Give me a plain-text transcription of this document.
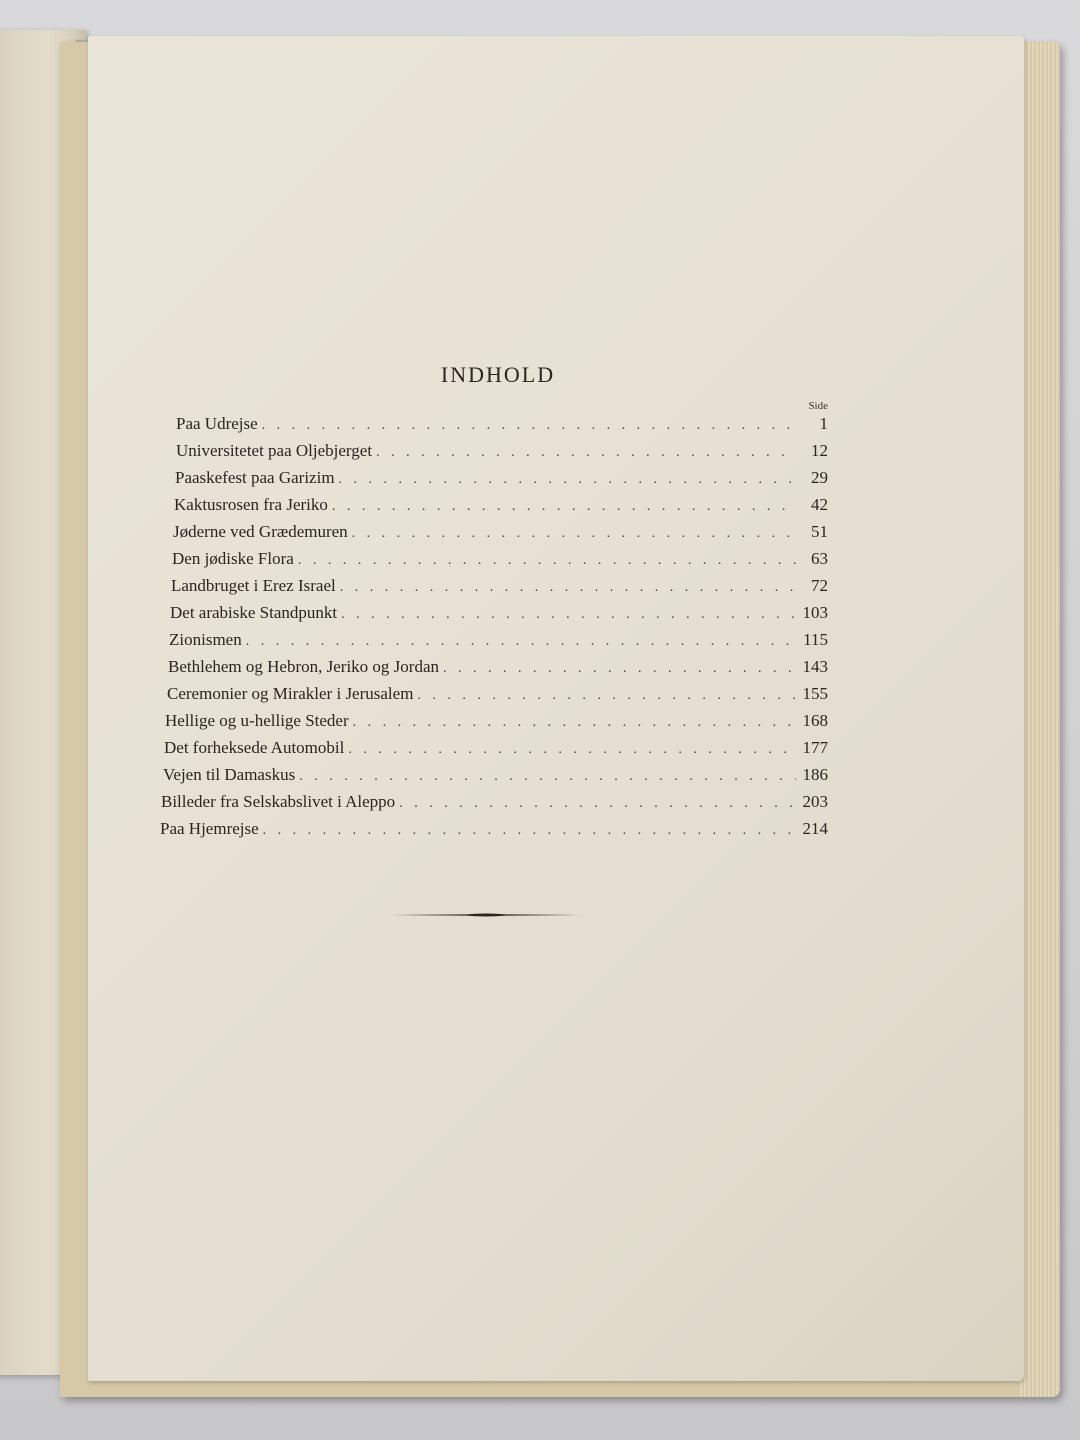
INDHOLD
Side
Paa Udrejse . . .	1
Universitetet paa Oljebjerget . . .	12
Paaskefest paa Garizim . . .	29
Kaktusrosen fra Jeriko . . .	42
Jøderne ved Grædemuren . . .	51
Den jødiske Flora . . .	63
Landbruget i Erez Israel . . .	72
Det arabiske Standpunkt . . .	103
Zionismen . . .	115
Bethlehem og Hebron, Jeriko og Jordan . . .	143
Ceremonier og Mirakler i Jerusalem . . .	155
Hellige og u-hellige Steder . . .	168
Det forheksede Automobil . . .	177
Vejen til Damaskus . . .	186
Billeder fra Selskabslivet i Aleppo . . .	203
Paa Hjemrejse . . .	214
